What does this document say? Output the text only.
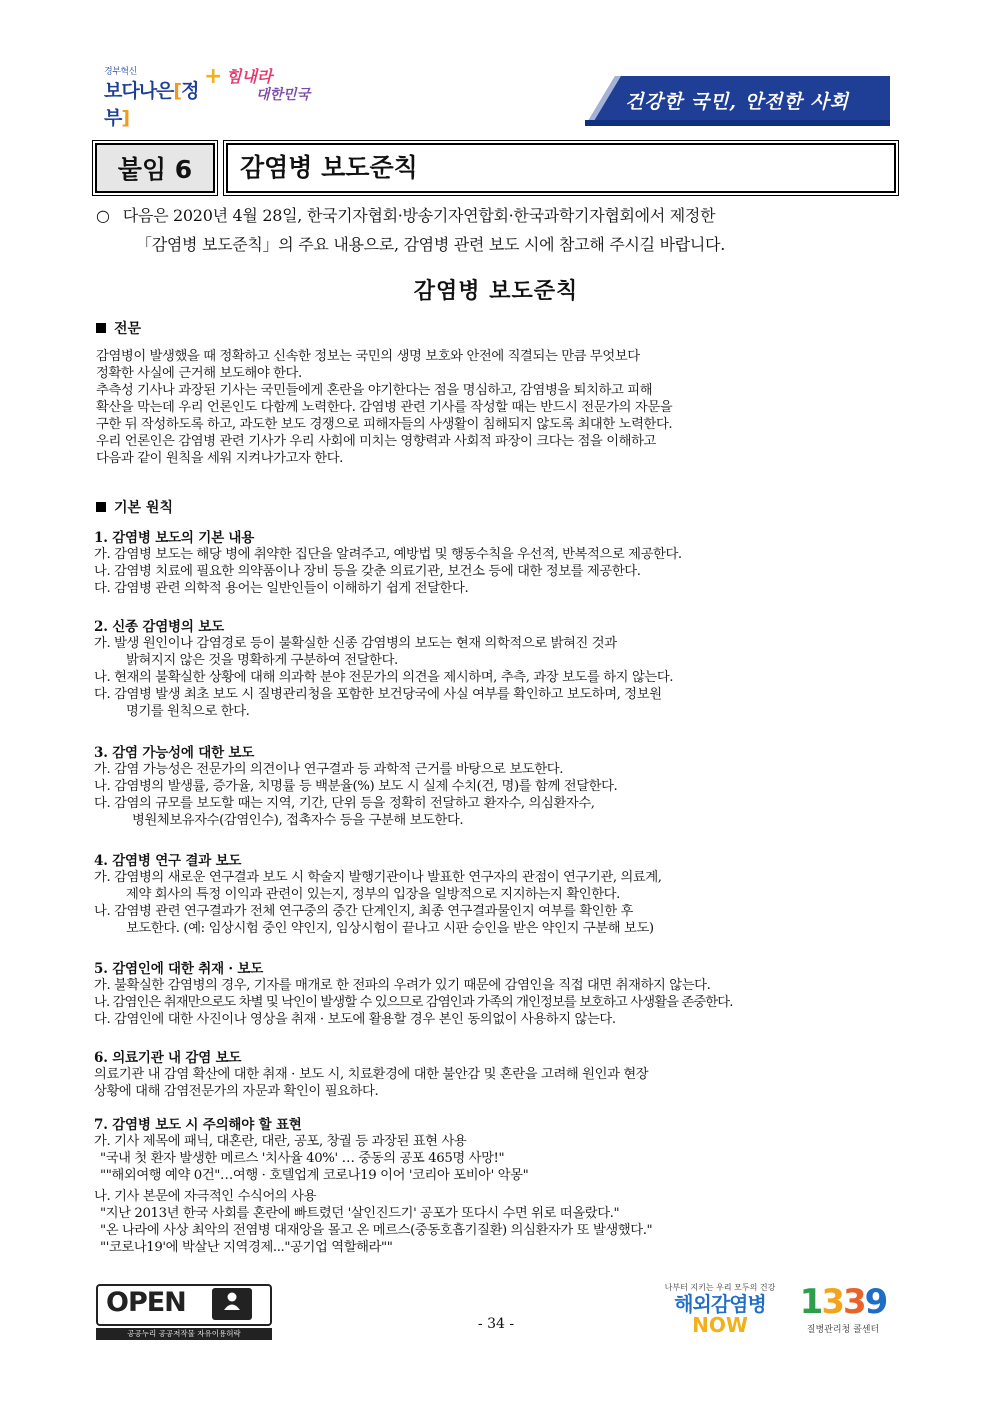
경부혁신
보다나은[정부]
+ 힘내라
대한민국	건강한 국민, 안전한 사회
붙임 6	감염병 보도준칙
○ 다음은 2020년 4월 28일, 한국기자협회·방송기자연합회·한국과학기자협회에서 제정한
「감염병 보도준칙」의 주요 내용으로, 감염병 관련 보도 시에 참고해 주시길 바랍니다.
감염병 보도준칙
전문
감염병이 발생했을 때 정확하고 신속한 정보는 국민의 생명 보호와 안전에 직결되는 만큼 무엇보다
정확한 사실에 근거해 보도해야 한다.
추측성 기사나 과장된 기사는 국민들에게 혼란을 야기한다는 점을 명심하고, 감염병을 퇴치하고 피해
확산을 막는데 우리 언론인도 다함께 노력한다. 감염병 관련 기사를 작성할 때는 반드시 전문가의 자문을
구한 뒤 작성하도록 하고, 과도한 보도 경쟁으로 피해자들의 사생활이 침해되지 않도록 최대한 노력한다.
우리 언론인은 감염병 관련 기사가 우리 사회에 미치는 영향력과 사회적 파장이 크다는 점을 이해하고
다음과 같이 원칙을 세워 지켜나가고자 한다.
기본 원칙
1. 감염병 보도의 기본 내용
가. 감염병 보도는 해당 병에 취약한 집단을 알려주고, 예방법 및 행동수칙을 우선적, 반복적으로 제공한다.
나. 감염병 치료에 필요한 의약품이나 장비 등을 갖춘 의료기관, 보건소 등에 대한 정보를 제공한다.
다. 감염병 관련 의학적 용어는 일반인들이 이해하기 쉽게 전달한다.
2. 신종 감염병의 보도
가. 발생 원인이나 감염경로 등이 불확실한 신종 감염병의 보도는 현재 의학적으로 밝혀진 것과
밝혀지지 않은 것을 명확하게 구분하여 전달한다.
나. 현재의 불확실한 상황에 대해 의과학 분야 전문가의 의견을 제시하며, 추측, 과장 보도를 하지 않는다.
다. 감염병 발생 최초 보도 시 질병관리청을 포함한 보건당국에 사실 여부를 확인하고 보도하며, 정보원
명기를 원칙으로 한다.
3. 감염 가능성에 대한 보도
가. 감염 가능성은 전문가의 의견이나 연구결과 등 과학적 근거를 바탕으로 보도한다.
나. 감염병의 발생률, 증가율, 치명률 등 백분율(%) 보도 시 실제 수치(건, 명)를 함께 전달한다.
다. 감염의 규모를 보도할 때는 지역, 기간, 단위 등을 정확히 전달하고 환자수, 의심환자수,
병원체보유자수(감염인수), 접촉자수 등을 구분해 보도한다.
4. 감염병 연구 결과 보도
가. 감염병의 새로운 연구결과 보도 시 학술지 발행기관이나 발표한 연구자의 관점이 연구기관, 의료계,
제약 회사의 특정 이익과 관련이 있는지, 정부의 입장을 일방적으로 지지하는지 확인한다.
나. 감염병 관련 연구결과가 전체 연구중의 중간 단계인지, 최종 연구결과물인지 여부를 확인한 후
보도한다. (예: 임상시험 중인 약인지, 임상시험이 끝나고 시판 승인을 받은 약인지 구분해 보도)
5. 감염인에 대한 취재 · 보도
가. 불확실한 감염병의 경우, 기자를 매개로 한 전파의 우려가 있기 때문에 감염인을 직접 대면 취재하지 않는다.
나. 감염인은 취재만으로도 차별 및 낙인이 발생할 수 있으므로 감염인과 가족의 개인정보를 보호하고 사생활을 존중한다.
다. 감염인에 대한 사진이나 영상을 취재 · 보도에 활용할 경우 본인 동의없이 사용하지 않는다.
6. 의료기관 내 감염 보도
의료기관 내 감염 확산에 대한 취재 · 보도 시, 치료환경에 대한 불안감 및 혼란을 고려해 원인과 현장
상황에 대해 감염전문가의 자문과 확인이 필요하다.
7. 감염병 보도 시 주의해야 할 표현
가. 기사 제목에 패닉, 대혼란, 대란, 공포, 창궐 등 과장된 표현 사용
"국내 첫 환자 발생한 메르스 '치사율 40%' … 중동의 공포 465명 사망!"
""해외여행 예약 0건"…여행 · 호텔업계 코로나19 이어 '코리아 포비아' 악몽"
나. 기사 본문에 자극적인 수식어의 사용
"지난 2013년 한국 사회를 혼란에 빠트렸던 '살인진드기' 공포가 또다시 수면 위로 떠올랐다."
"온 나라에 사상 최악의 전염병 대재앙을 몰고 온 메르스(중동호흡기질환) 의심환자가 또 발생했다."
"'코로나19'에 박살난 지역경제..."공기업 역할해라""
OPEN
공공누리 공공저작물 자유이용허락
- 34 -
나부터 지키는 우리 모두의 건강
해외감염병
NOW
1339
질병관리청 콜센터
